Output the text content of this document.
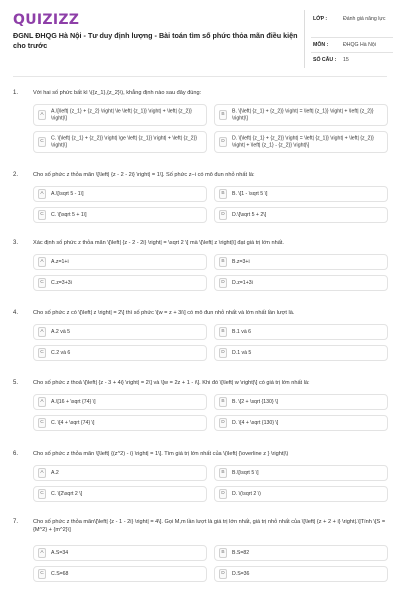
QUIZIZZ
ĐGNL ĐHQG Hà Nội - Tư duy định lượng - Bài toán tìm số phức thỏa mãn điều kiện cho trước
LỚP :	Đánh giá năng lực
MÔN :	ĐHQG Hà Nội
SỐ CÂU : 15
1.	Với hai số phức bất kì \({z_1},{z_2}\), khẳng định nào sau đây đúng:
A	A.\[\left| {z_1} + {z_2} \right| \le \left| {z_1}} \right| + \left| {z_2}} \right|\]
B	B. \[\left| {z_1} + {z_2}} \right| = \left| {z_1}} \right| + \left| {z_2}} \right|\]
C	C. \[\left| {z_1} + {z_2}} \right| \ge \left| {z_1}} \right| + \left| {z_2}} \right|\]
D	D. \[\left| {z_1} + {z_2}} \right| = \left| {z_1}} \right| + \left| {z_2}} \right| + \left| {z_1} - {z_2}} \right|\]
2.	Cho số phức z thỏa mãn \[\left| {z - 2 - 2i} \right| = 1\]. Số phức z−i có mô đun nhỏ nhất là:
A	A.\[\sqrt 5 - 1\]	B	B. \[1 - \sqrt 5 \]
C	C. \[\sqrt 5 + 1\]	D	D.\[\sqrt 5 + 2\]
3.	Xác định số phức z thỏa mãn \[\left| {z - 2 - 2i} \right| = \sqrt 2 \] mà \[\left| z \right|\] đạt giá trị lớn nhất.
A	A.z=1+i	B	B.z=3+i
C	C.z=3+3i	D	D.z=1+3i
4.	Cho số phức z có \[\left| z \right| = 2\] thì số phức \[w = z + 3i\] có mô đun nhỏ nhất và lớn nhất lần lượt là.
A	A.2 và 5	B	B.1 và 6
C	C.2 và 6	D	D.1 và 5
5.	Cho số phức z thoả \[\left| {z - 3 + 4i} \right| = 2\] và \[w = 2z + 1 - i\]. Khi đó \[\left| w \right|\] có giá trị lớn nhất là:
A	A.\[16 + \sqrt {74} \]	B	B. \[2 + \sqrt {130} \]
C	C. \[4 + \sqrt {74} \]	D	D. \[4 + \sqrt {130} \]
6.	Cho số phức z thỏa mãn \[\left| {(z^2) - i} \right| = 1\]. Tìm giá trị lớn nhất của \(\left| {\overline z } \right|\)
A	A.2	B	B.\[\sqrt 5 \]
C	C. \[2\sqrt 2 \]	D	D. \(\sqrt 2 \)
7.	Cho số phức z thỏa mãn\[\left| {z - 1 - 2i} \right| = 4\]. Gọi M,m lần lượt là giá trị lớn nhất, giá trị nhỏ nhất của \[\left| {z + 2 + i} \right|.\]Tính \[S = {M^2} + {m^2}\]
A	A.S=34	B	B.S=82
C	C.S=68	D	D.S=36
